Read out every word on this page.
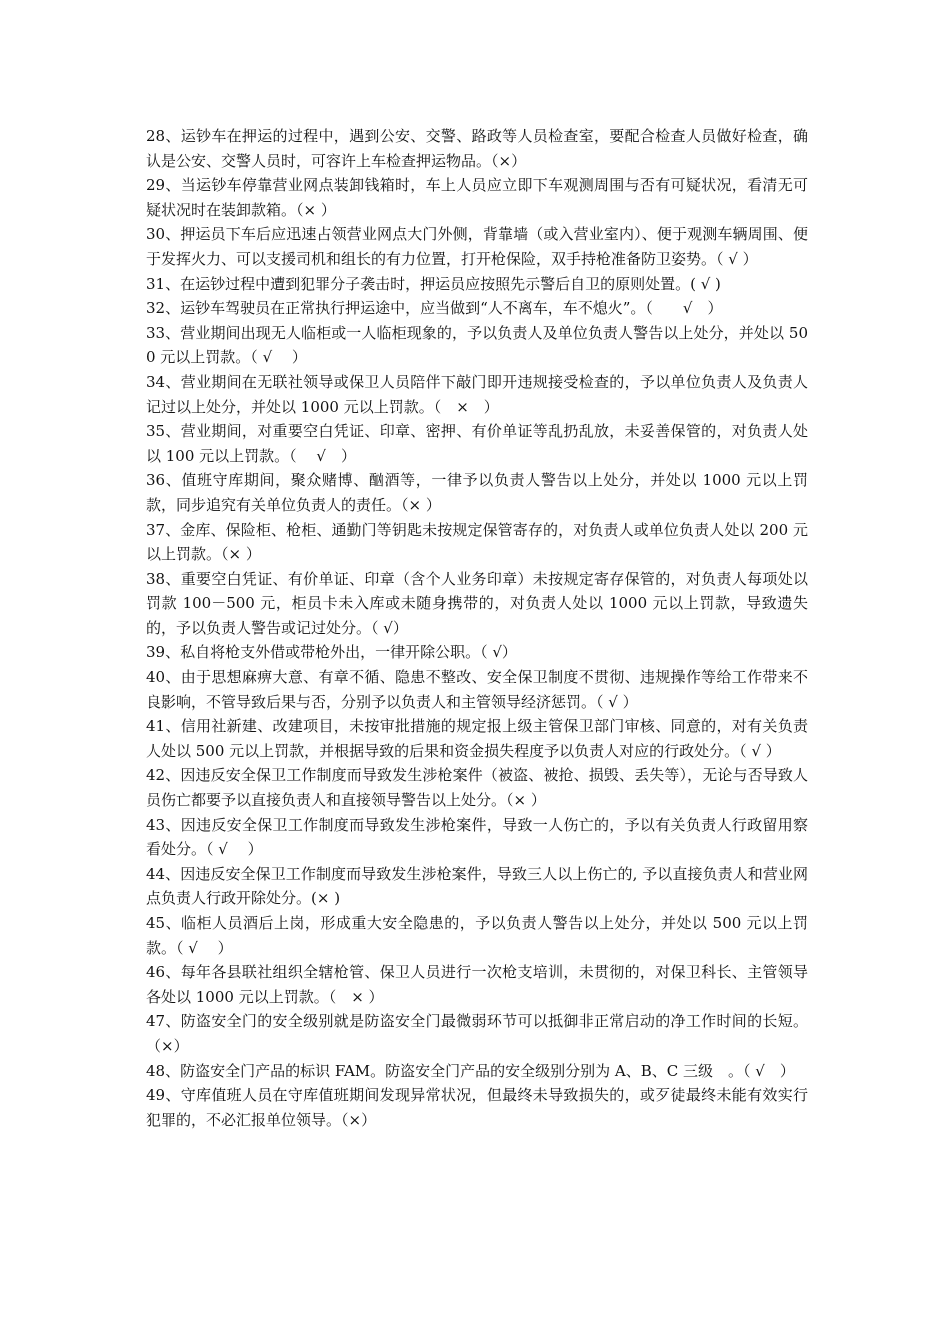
28、运钞车在押运的过程中，遇到公安、交警、路政等人员检查室，要配合检查人员做好检查，确认是公安、交警人员时，可容许上车检查押运物品。（×）

29、当运钞车停靠营业网点装卸钱箱时，车上人员应立即下车观测周围与否有可疑状况，看清无可疑状况时在装卸款箱。（× ）

30、押运员下车后应迅速占领营业网点大门外侧，背靠墙（或入营业室内）、便于观测车辆周围、便于发挥火力、可以支援司机和组长的有力位置，打开枪保险，双手持枪准备防卫姿势。（ √ ）

31、在运钞过程中遭到犯罪分子袭击时，押运员应按照先示警后自卫的原则处置。( √ )

32、运钞车驾驶员在正常执行押运途中，应当做到“人不离车，车不熄火”。（　　√　）

33、营业期间出现无人临柜或一人临柜现象的，予以负责人及单位负责人警告以上处分，并处以 500 元以上罚款。（ √　 ）

34、营业期间在无联社领导或保卫人员陪伴下敲门即开违规接受检查的，予以单位负责人及负责人记过以上处分，并处以 1000 元以上罚款。（　×　）

35、营业期间，对重要空白凭证、印章、密押、有价单证等乱扔乱放，未妥善保管的，对负责人处以 100 元以上罚款。（　 √　）

36、值班守库期间，聚众赌博、酗酒等，一律予以负责人警告以上处分，并处以 1000 元以上罚款，同步追究有关单位负责人的责任。（× ）

37、金库、保险柜、枪柜、通勤门等钥匙未按规定保管寄存的，对负责人或单位负责人处以 200 元以上罚款。（× ）

38、重要空白凭证、有价单证、印章（含个人业务印章）未按规定寄存保管的，对负责人每项处以罚款 100－500 元，柜员卡未入库或未随身携带的，对负责人处以 1000 元以上罚款，导致遗失的，予以负责人警告或记过处分。（ √）

39、私自将枪支外借或带枪外出，一律开除公职。（ √）

40、由于思想麻痹大意、有章不循、隐患不整改、安全保卫制度不贯彻、违规操作等给工作带来不良影响，不管导致后果与否，分别予以负责人和主管领导经济惩罚。（ √ ）

41、信用社新建、改建项目，未按审批措施的规定报上级主管保卫部门审核、同意的，对有关负责人处以 500 元以上罚款，并根据导致的后果和资金损失程度予以负责人对应的行政处分。（ √ ）

42、因违反安全保卫工作制度而导致发生涉枪案件（被盗、被抢、损毁、丢失等），无论与否导致人员伤亡都要予以直接负责人和直接领导警告以上处分。（× ）

43、因违反安全保卫工作制度而导致发生涉枪案件，导致一人伤亡的，予以有关负责人行政留用察看处分。（ √　 ）

44、因违反安全保卫工作制度而导致发生涉枪案件，导致三人以上伤亡的, 予以直接负责人和营业网点负责人行政开除处分。(× )

45、临柜人员酒后上岗，形成重大安全隐患的，予以负责人警告以上处分，并处以 500 元以上罚款。（ √　 ）

46、每年各县联社组织全辖枪管、保卫人员进行一次枪支培训，未贯彻的，对保卫科长、主管领导各处以 1000 元以上罚款。（　× ）

47、防盗安全门的安全级别就是防盗安全门最微弱环节可以抵御非正常启动的净工作时间的长短。（×）

48、防盗安全门产品的标识 FAM。防盗安全门产品的安全级别分别为 A、B、C 三级　。（ √　）

49、守库值班人员在守库值班期间发现异常状况，但最终未导致损失的，或歹徒最终未能有效实行犯罪的，不必汇报单位领导。（×）
